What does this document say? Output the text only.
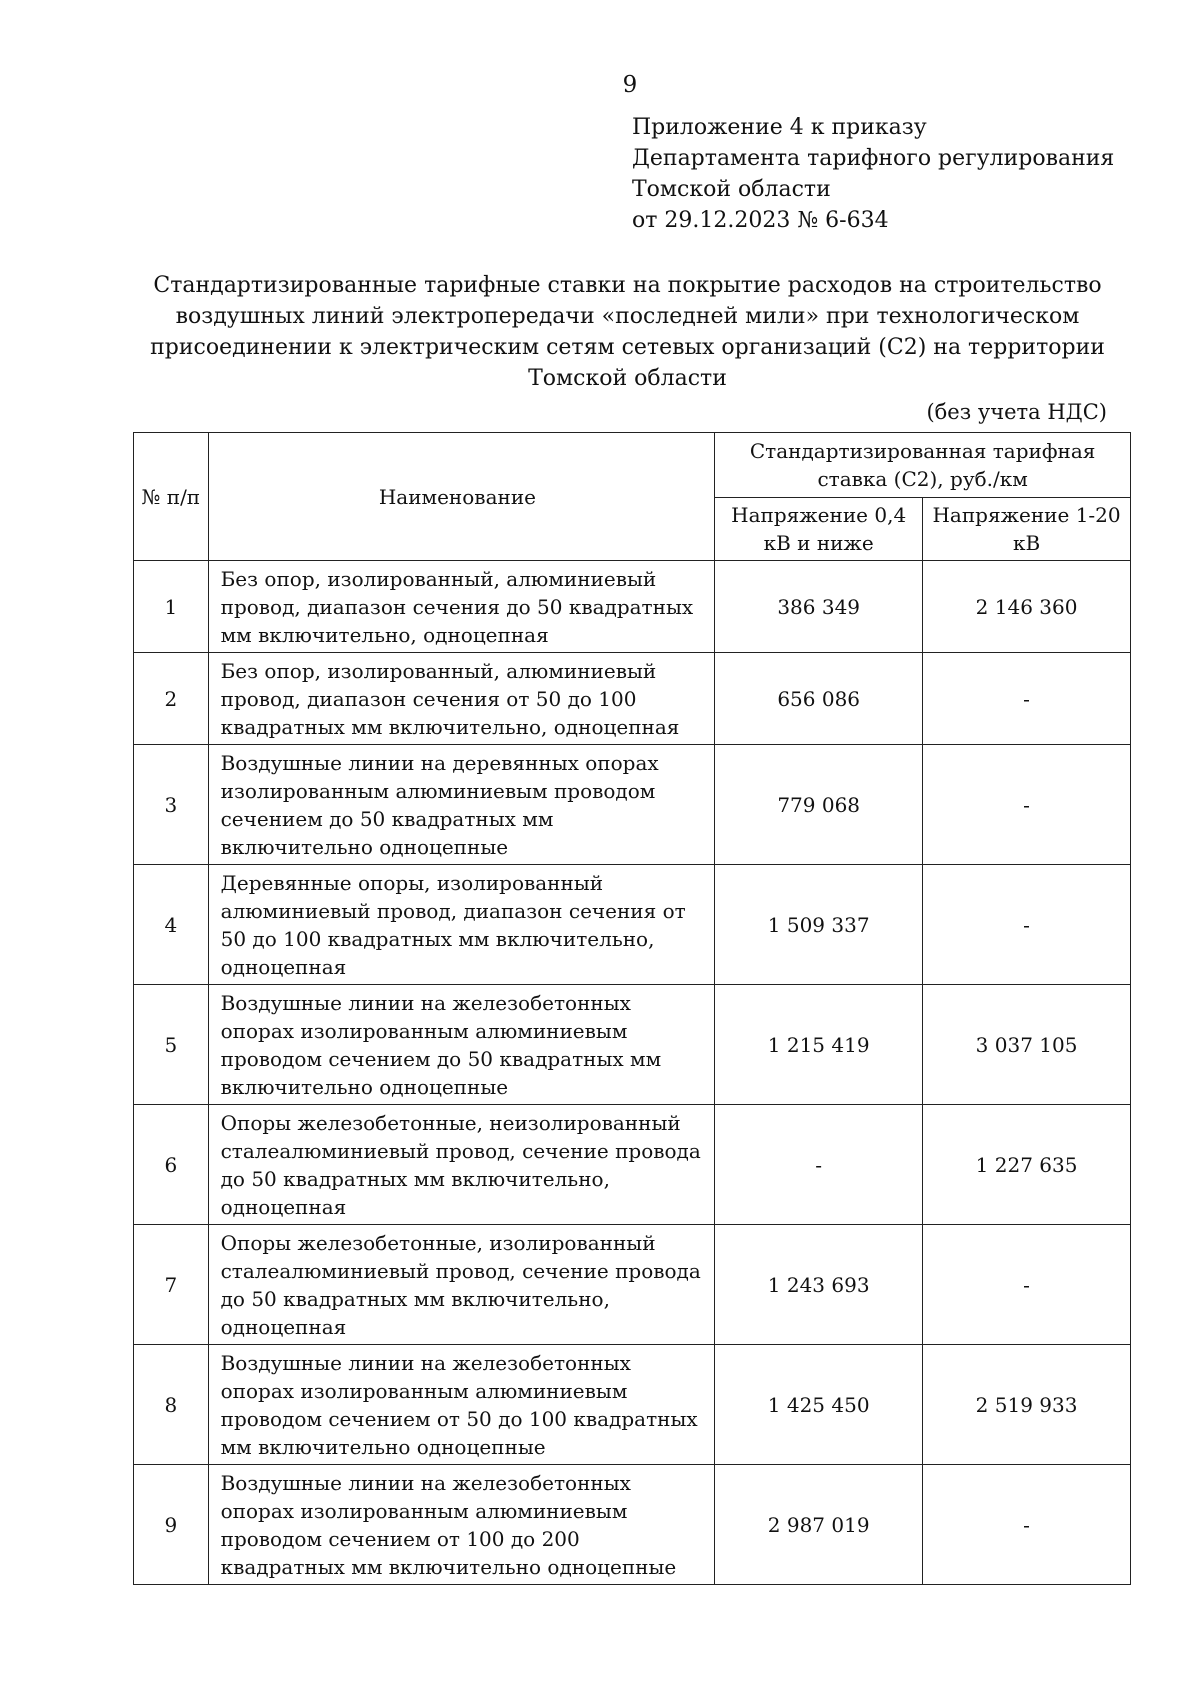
9
Приложение 4 к приказу
Департамента тарифного регулирования
Томской области
от 29.12.2023 № 6-634
Стандартизированные тарифные ставки на покрытие расходов на строительство
воздушных линий электропередачи «последней мили» при технологическом
присоединении к электрическим сетям сетевых организаций (С2) на территории
Томской области
(без учета НДС)
№ п/п	Наименование	Стандартизированная тарифная ставка (С2), руб./км	
		Напряжение 0,4 кВ и ниже	Напряжение 1-20 кВ
1	Без опор, изолированный, алюминиевый провод, диапазон сечения до 50 квадратных мм включительно, одноцепная	386 349	2 146 360
2	Без опор, изолированный, алюминиевый провод, диапазон сечения от 50 до 100 квадратных мм включительно, одноцепная	656 086	-
3	Воздушные линии на деревянных опорах изолированным алюминиевым проводом сечением до 50 квадратных мм включительно одноцепные	779 068	-
4	Деревянные опоры, изолированный алюминиевый провод, диапазон сечения от 50 до 100 квадратных мм включительно, одноцепная	1 509 337	-
5	Воздушные линии на железобетонных опорах изолированным алюминиевым проводом сечением до 50 квадратных мм включительно одноцепные	1 215 419	3 037 105
6	Опоры железобетонные, неизолированный сталеалюминиевый провод, сечение провода до 50 квадратных мм включительно, одноцепная	-	1 227 635
7	Опоры железобетонные, изолированный сталеалюминиевый провод, сечение провода до 50 квадратных мм включительно, одноцепная	1 243 693	-
8	Воздушные линии на железобетонных опорах изолированным алюминиевым проводом сечением от 50 до 100 квадратных мм включительно одноцепные	1 425 450	2 519 933
9	Воздушные линии на железобетонных опорах изолированным алюминиевым проводом сечением от 100 до 200 квадратных мм включительно одноцепные	2 987 019	-
